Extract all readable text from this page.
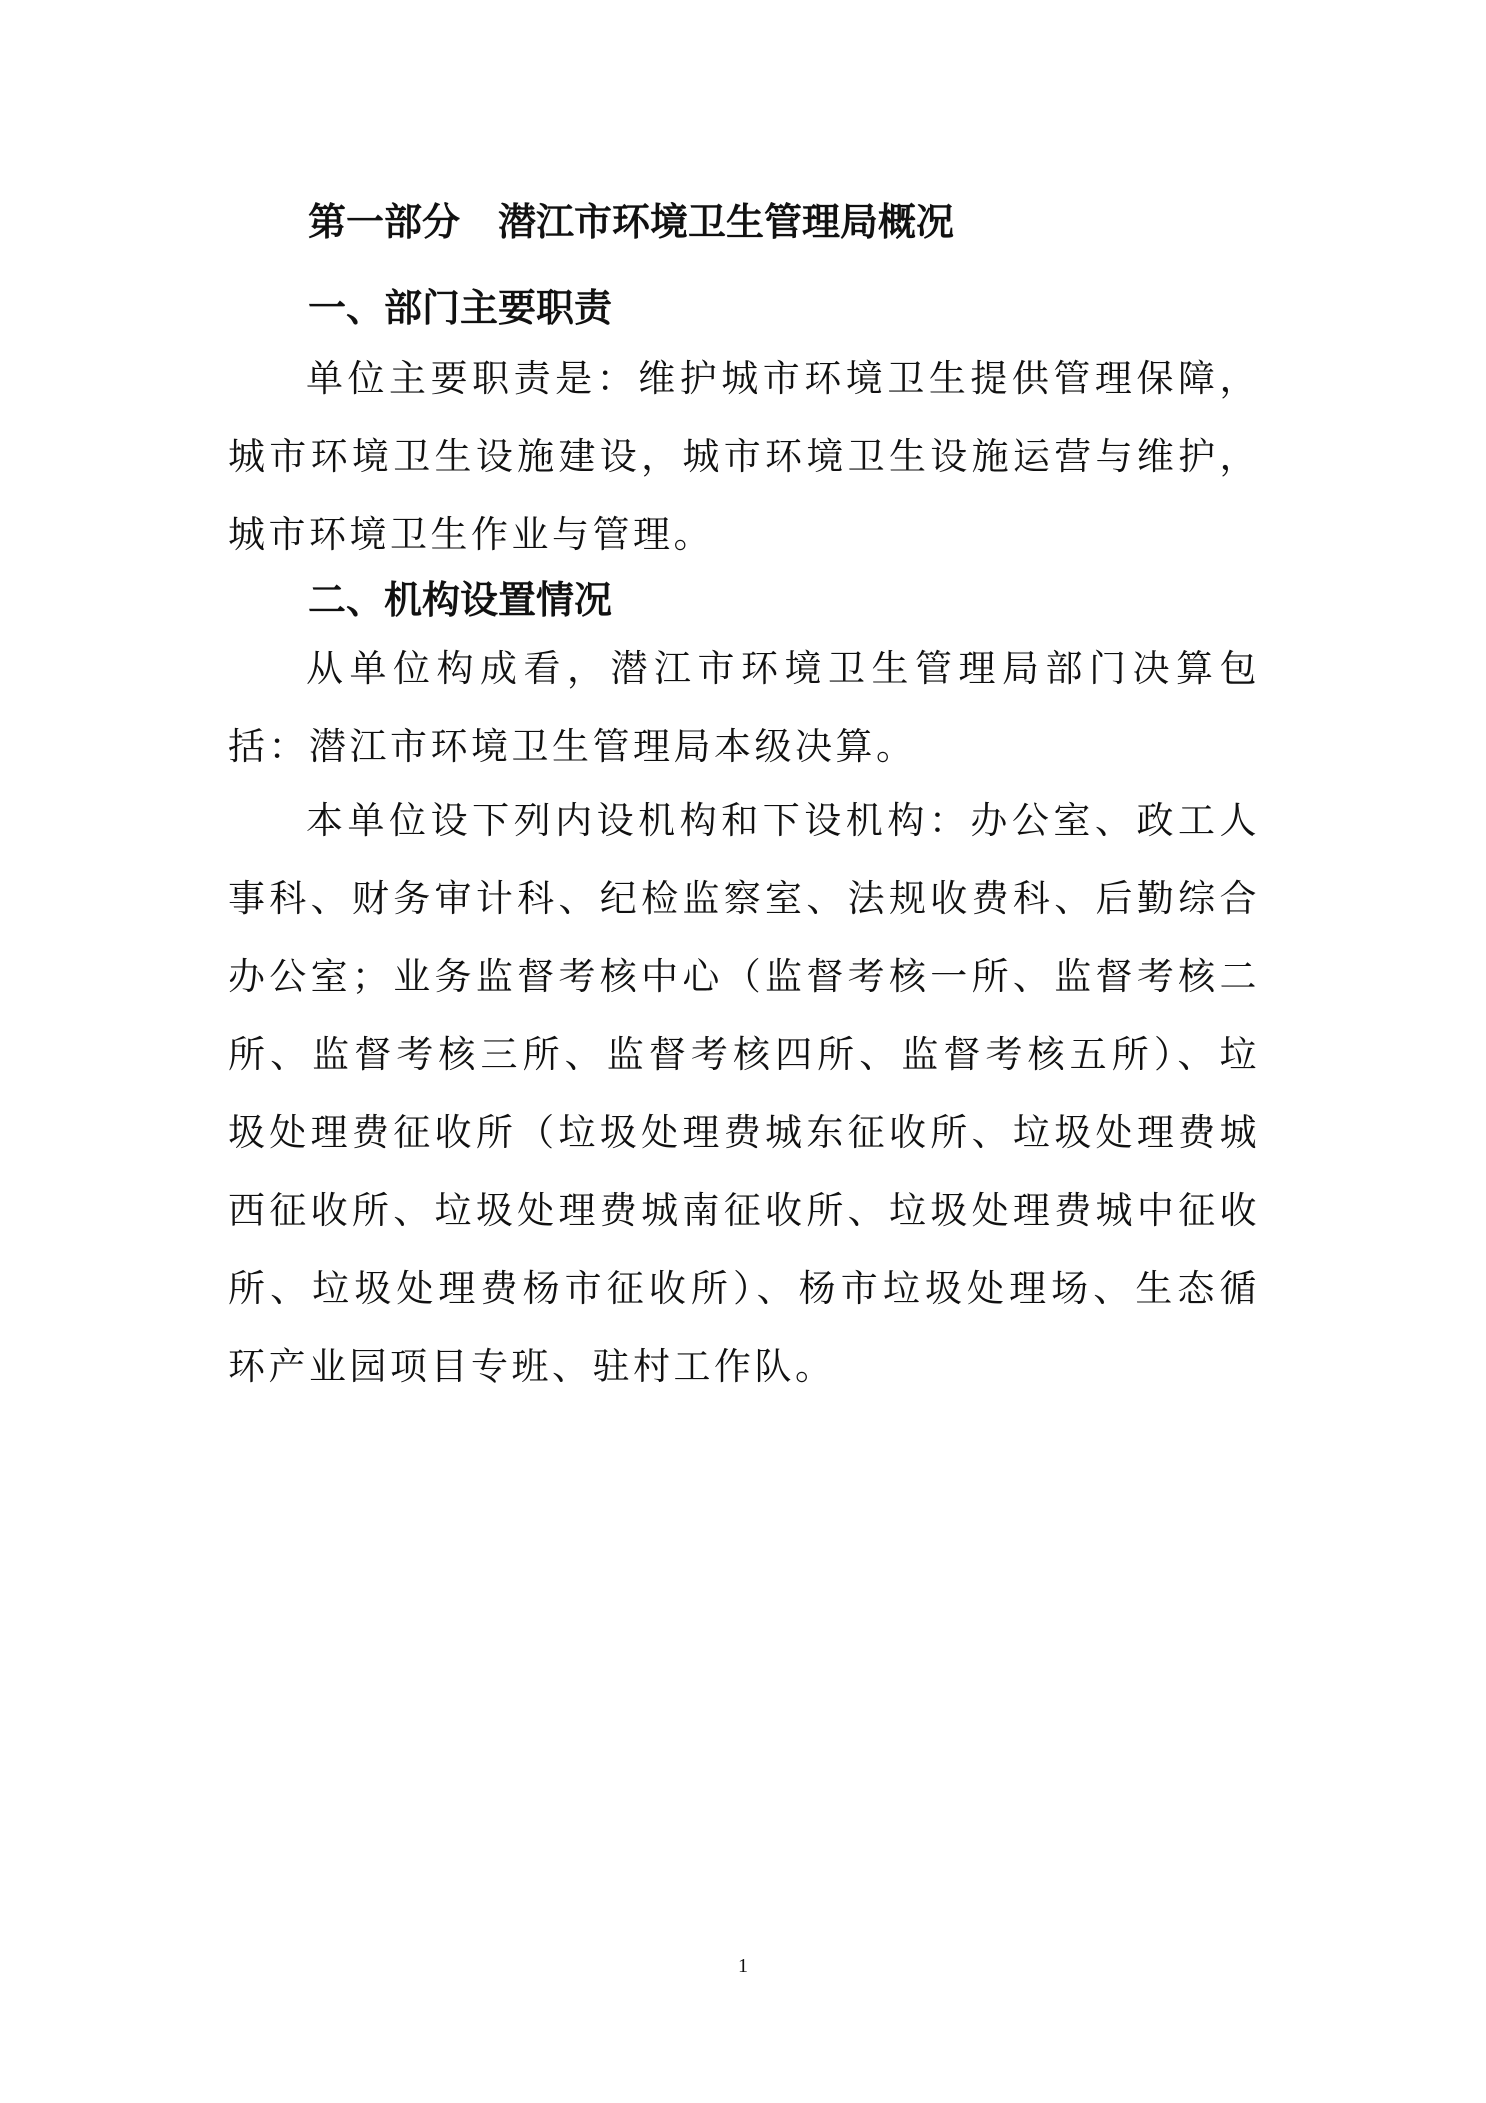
第一部分　潜江市环境卫生管理局概况
一、部门主要职责

单位主要职责是：维护城市环境卫生提供管理保障，城市环境卫生设施建设，城市环境卫生设施运营与维护，城市环境卫生作业与管理。

二、机构设置情况

从单位构成看，潜江市环境卫生管理局部门决算包括：潜江市环境卫生管理局本级决算。

本单位设下列内设机构和下设机构：办公室、政工人事科、财务审计科、纪检监察室、法规收费科、后勤综合办公室；业务监督考核中心（监督考核一所、监督考核二所、监督考核三所、监督考核四所、监督考核五所）、垃圾处理费征收所（垃圾处理费城东征收所、垃圾处理费城西征收所、垃圾处理费城南征收所、垃圾处理费城中征收所、垃圾处理费杨市征收所）、杨市垃圾处理场、生态循环产业园项目专班、驻村工作队。

1
